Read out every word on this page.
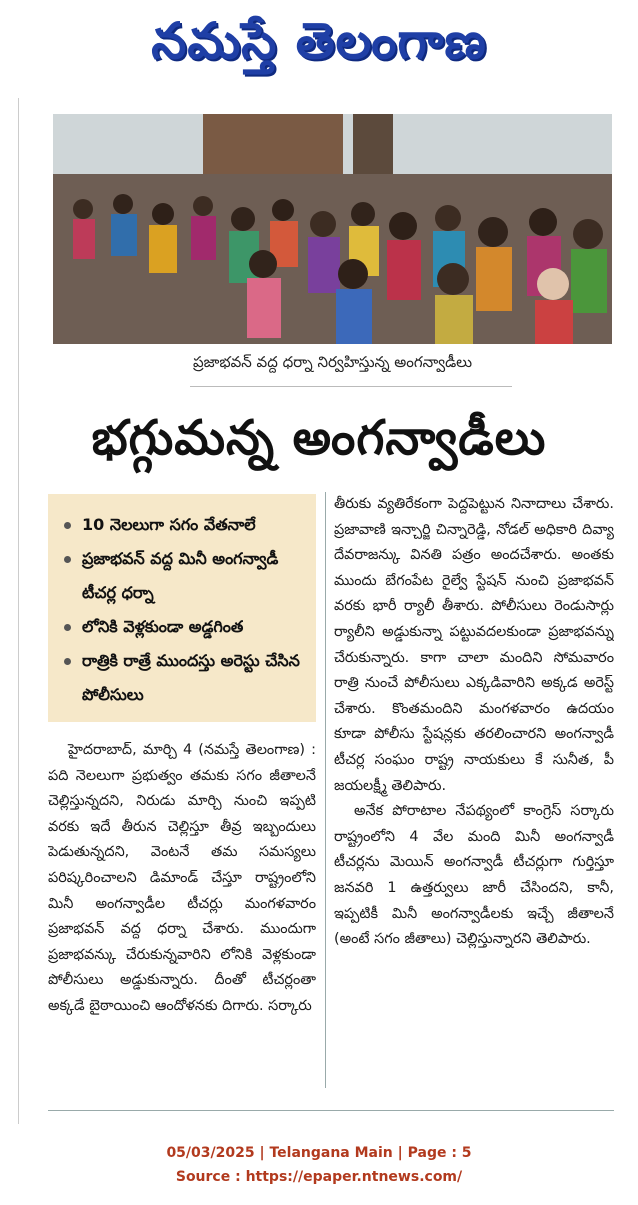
నమస్తే తెలంగాణ
ప్రజాభవన్ వద్ద ధర్నా నిర్వహిస్తున్న అంగన్వాడీలు
భగ్గుమన్న అంగన్వాడీలు
10 నెలలుగా సగం వేతనాలే
ప్రజాభవన్ వద్ద మినీ అంగన్వాడీ టీచర్ల ధర్నా
లోనికి వెళ్లకుండా అడ్డగింత
రాత్రికి రాత్రే ముందస్తు అరెస్టు చేసిన పోలీసులు

హైదరాబాద్, మార్చి 4 (నమస్తే తెలంగాణ) : పది నెలలుగా ప్రభుత్వం తమకు సగం జీతాలనే చెల్లిస్తున్నదని, నిరుడు మార్చి నుంచి ఇప్పటి వరకు ఇదే తీరున చెల్లిస్తూ తీవ్ర ఇబ్బందులు పెడుతున్నదని, వెంటనే తమ సమస్యలు పరిష్కరించాలని డిమాండ్ చేస్తూ రాష్ట్రంలోని మినీ అంగన్వాడీల టీచర్లు మంగళవారం ప్రజాభవన్ వద్ద ధర్నా చేశారు. ముందుగా ప్రజాభవన్కు చేరుకున్నవారిని లోనికి వెళ్లకుండా పోలీసులు అడ్డుకున్నారు. దీంతో టీచర్లంతా అక్కడే బైఠాయించి ఆందోళనకు దిగారు. సర్కారు

తీరుకు వ్యతిరేకంగా పెద్దపెట్టున నినాదాలు చేశారు. ప్రజావాణి ఇన్చార్జి చిన్నారెడ్డి, నోడల్ అధికారి దివ్యా దేవరాజన్కు వినతి పత్రం అందచేశారు. అంతకు ముందు బేగంపేట రైల్వే స్టేషన్ నుంచి ప్రజాభవన్ వరకు భారీ ర్యాలీ తీశారు. పోలీసులు రెండుసార్లు ర్యాలీని అడ్డుకున్నా పట్టువదలకుండా ప్రజాభవన్ను చేరుకున్నారు. కాగా చాలా మందిని సోమవారం రాత్రి నుంచే పోలీసులు ఎక్కడివారిని అక్కడ అరెస్ట్ చేశారు. కొంతమందిని మంగళవారం ఉదయం కూడా పోలీసు స్టేషన్లకు తరలించారని అంగన్వాడీ టీచర్ల సంఘం రాష్ట్ర నాయకులు కే సునీత, పీ జయలక్ష్మీ తెలిపారు.

అనేక పోరాటాల నేపథ్యంలో కాంగ్రెస్ సర్కారు రాష్ట్రంలోని 4 వేల మంది మినీ అంగన్వాడీ టీచర్లను మెయిన్ అంగన్వాడీ టీచర్లుగా గుర్తిస్తూ జనవరి 1 ఉత్తర్వులు జారీ చేసిందని, కానీ, ఇప్పటికీ మినీ అంగన్వాడీలకు ఇచ్చే జీతాలనే (అంటే సగం జీతాలు) చెల్లిస్తున్నారని తెలిపారు.

05/03/2025 | Telangana Main | Page : 5
Source : https://epaper.ntnews.com/
